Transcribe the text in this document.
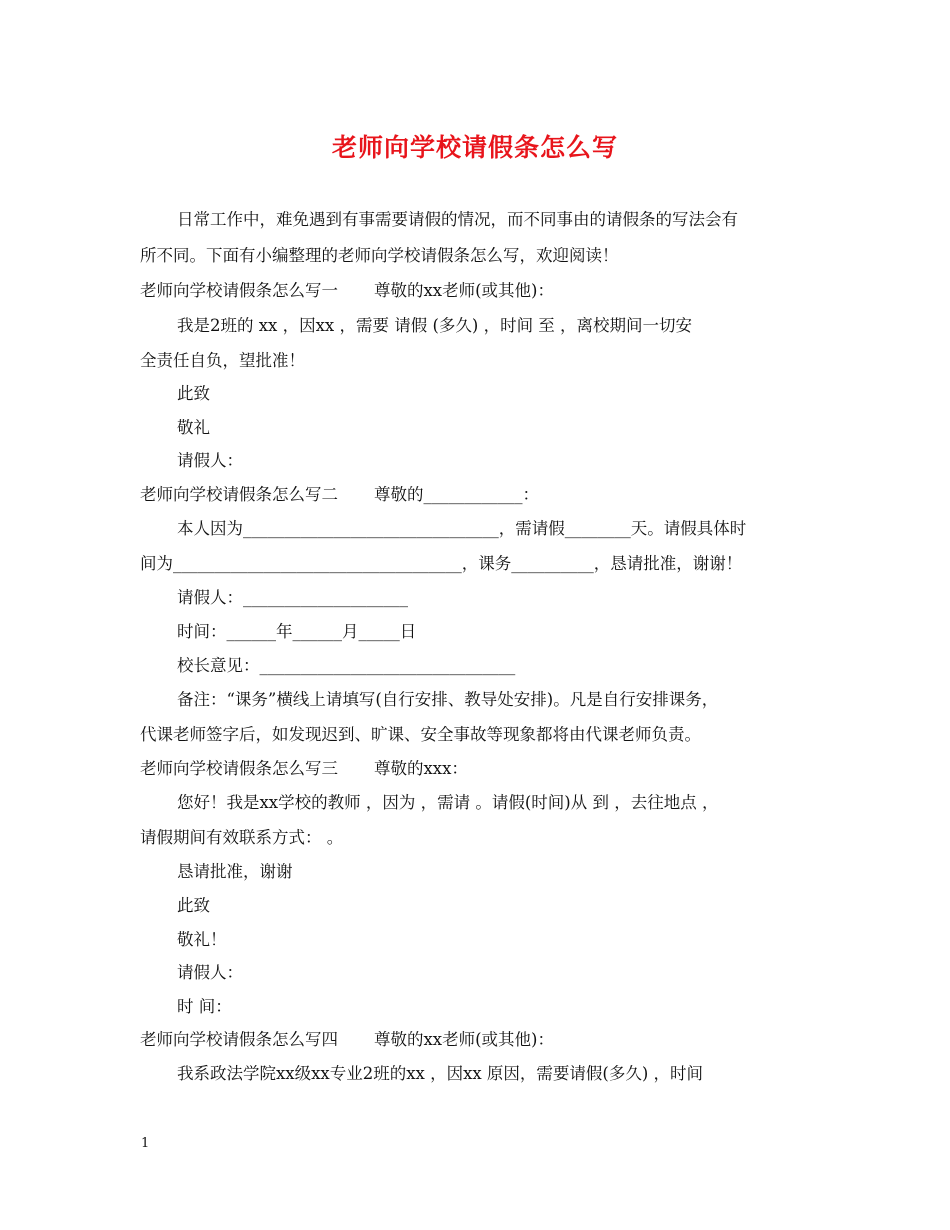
老师向学校请假条怎么写
日常工作中，难免遇到有事需要请假的情况，而不同事由的请假条的写法会有
所不同。下面有小编整理的老师向学校请假条怎么写，欢迎阅读！
老师向学校请假条怎么写一 尊敬的xx老师(或其他)：
我是2班的 xx ，因xx ，需要 请假 (多久) ，时间 至 ，离校期间一切安
全责任自负，望批准！
此致
敬礼
请假人：
老师向学校请假条怎么写二 尊敬的____________：
本人因为_______________________________，需请假________天。请假具体时
间为___________________________________，课务__________，恳请批准，谢谢！
请假人：____________________
时间：______年______月_____日
校长意见：_______________________________
备注：“课务”横线上请填写(自行安排、教导处安排)。凡是自行安排课务，
代课老师签字后，如发现迟到、旷课、安全事故等现象都将由代课老师负责。
老师向学校请假条怎么写三 尊敬的xxx：
您好！我是xx学校的教师 ，因为 ，需请 。请假(时间)从 到 ，去往地点 ，
请假期间有效联系方式： 。
恳请批准，谢谢
此致
敬礼！
请假人：
时 间：
老师向学校请假条怎么写四 尊敬的xx老师(或其他)：
我系政法学院xx级xx专业2班的xx ，因xx 原因，需要请假(多久) ，时间
1
